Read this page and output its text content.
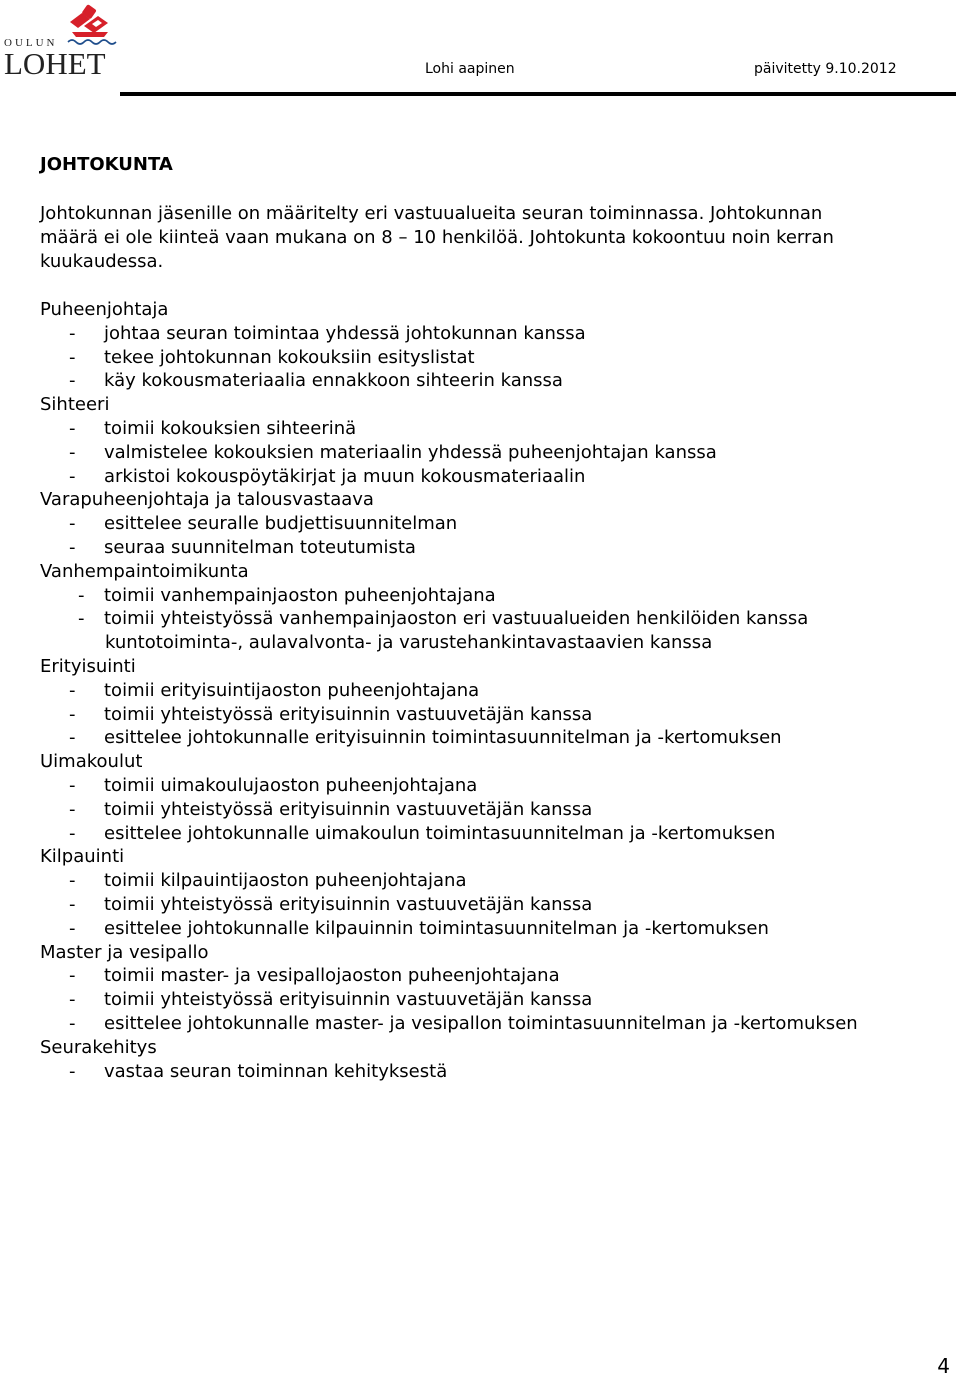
OULUN
LOHET	Lohi aapinen	päivitetty 9.10.2012
JOHTOKUNTA
Johtokunnan jäsenille on määritelty eri vastuualueita seuran toiminnassa. Johtokunnan
määrä ei ole kiinteä vaan mukana on 8 – 10 henkilöä. Johtokunta kokoontuu noin kerran
kuukaudessa.
Puheenjohtaja
- johtaa seuran toimintaa yhdessä johtokunnan kanssa
- tekee johtokunnan kokouksiin esityslistat
- käy kokousmateriaalia ennakkoon sihteerin kanssa
Sihteeri
- toimii kokouksien sihteerinä
- valmistelee kokouksien materiaalin yhdessä puheenjohtajan kanssa
- arkistoi kokouspöytäkirjat ja muun kokousmateriaalin
Varapuheenjohtaja ja talousvastaava
- esittelee seuralle budjettisuunnitelman
- seuraa suunnitelman toteutumista
Vanhempaintoimikunta
- toimii vanhempainjaoston puheenjohtajana
- toimii yhteistyössä vanhempainjaoston eri vastuualueiden henkilöiden kanssa
kuntotoiminta-, aulavalvonta- ja varustehankintavastaavien kanssa
Erityisuinti
- toimii erityisuintijaoston puheenjohtajana
- toimii yhteistyössä erityisuinnin vastuuvetäjän kanssa
- esittelee johtokunnalle erityisuinnin toimintasuunnitelman ja -kertomuksen
Uimakoulut
- toimii uimakoulujaoston puheenjohtajana
- toimii yhteistyössä erityisuinnin vastuuvetäjän kanssa
- esittelee johtokunnalle uimakoulun toimintasuunnitelman ja -kertomuksen
Kilpauinti
- toimii kilpauintijaoston puheenjohtajana
- toimii yhteistyössä erityisuinnin vastuuvetäjän kanssa
- esittelee johtokunnalle kilpauinnin toimintasuunnitelman ja -kertomuksen
Master ja vesipallo
- toimii master- ja vesipallojaoston puheenjohtajana
- toimii yhteistyössä erityisuinnin vastuuvetäjän kanssa
- esittelee johtokunnalle master- ja vesipallon toimintasuunnitelman ja -kertomuksen
Seurakehitys
- vastaa seuran toiminnan kehityksestä
4
